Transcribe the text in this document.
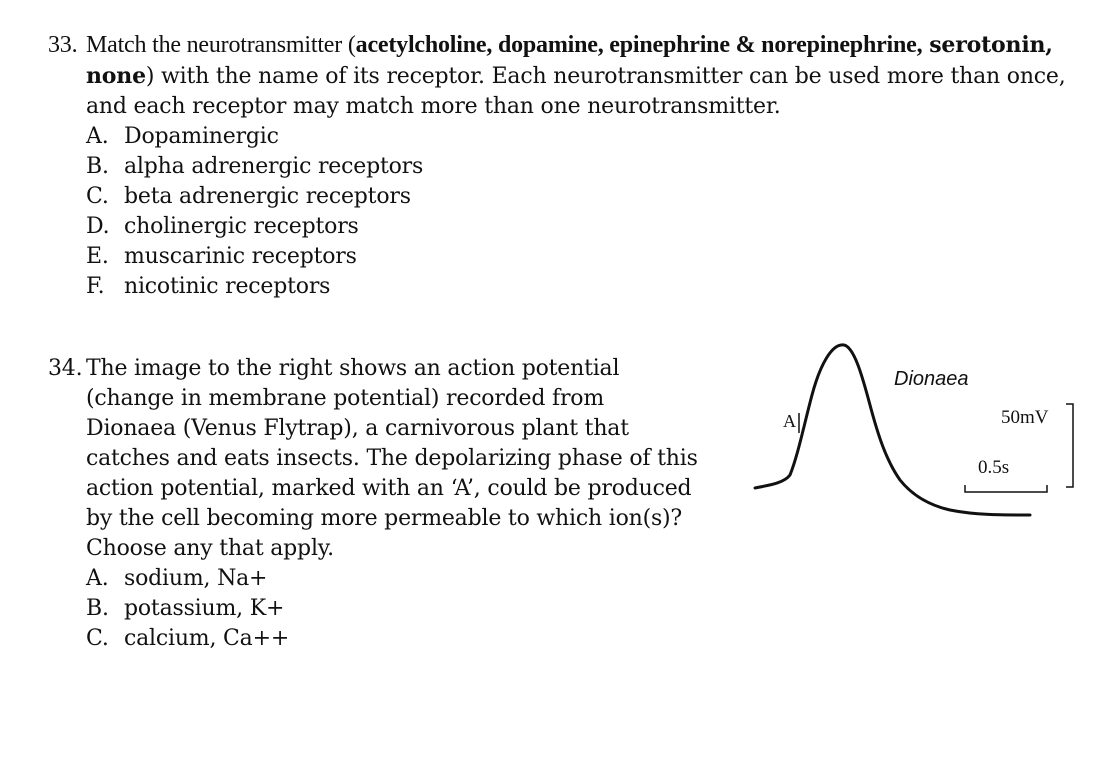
33. Match the neurotransmitter (acetylcholine, dopamine, epinephrine & norepinephrine, serotonin, none) with the name of its receptor. Each neurotransmitter can be used more than once, and each receptor may match more than one neurotransmitter.

A. Dopaminergic
B. alpha adrenergic receptors
C. beta adrenergic receptors
D. cholinergic receptors
E. muscarinic receptors
F. nicotinic receptors

34. The image to the right shows an action potential (change in membrane potential) recorded from Dionaea (Venus Flytrap), a carnivorous plant that catches and eats insects. The depolarizing phase of this action potential, marked with an ‘A’, could be produced by the cell becoming more permeable to which ion(s)? Choose any that apply.

A. sodium, Na+
B. potassium, K+
C. calcium, Ca++
Dionaea
A	50mV
0.5s
